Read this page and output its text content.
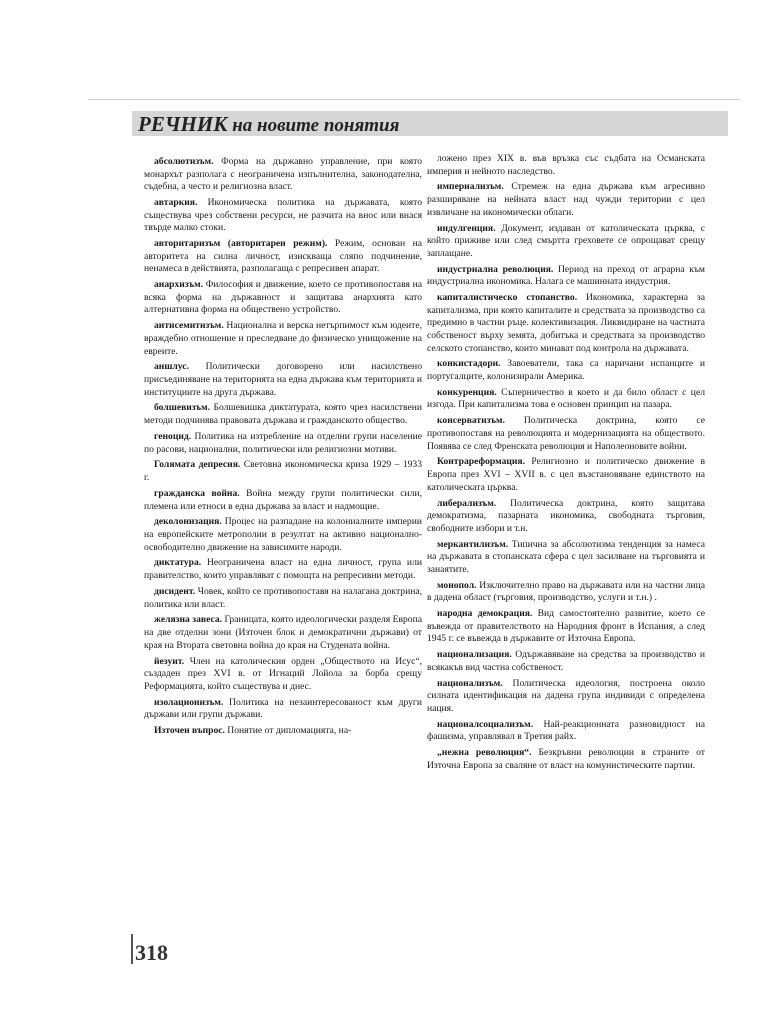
РЕЧНИК на новите понятия

абсолютизъм. Форма на държавно управление, при която монархът разполага с неограничена изпълнителна, законодателна, съдебна, а често и религиозна власт.

автаркия. Икономическа политика на държавата, която съществува чрез собствени ресурси, не разчита на внос или внася твърде малко стоки.

авторитаризъм (авторитарен режим). Режим, основан на авторитета на силна личност, изискваща сляпо подчинение, ненамеса в действията, разполагаща с репресивен апарат.

анархизъм. Философия и движение, което се противопоставя на всяка форма на държавност и защитава анархията като алтернативна форма на обществено устройство.

антисемитизъм. Национална и верска нетърпимост към юдеите, враждебно отношение и преследване до физическо унищожение на евреите.

аншлус. Политически договорено или насилствено присъединяване на територията на една държава към територията и институциите на друга държава.

болшевизъм. Болшевишка диктатурата, която чрез насилствени методи подчинява правовата държава и гражданското общество.

геноцид. Политика на изтребление на отделни групи население по расови, национални, политически или религиозни мотиви.

Голямата депресия. Световна икономическа криза 1929 – 1933 г.

гражданска война. Война между групи политически сили, племена или етноси в една държава за власт и надмощие.

деколонизация. Процес на разпадане на колониалните империи на европейските метрополии в резултат на активно национално-освободително движение на зависимите народи.

диктатура. Неограничена власт на една личност, група или правителство, които управляват с помощта на репресивни методи.

дисидент. Човек, който се противопоставя на налагана доктрина, политика или власт.

желязна завеса. Границата, която идеологически разделя Европа на две отделни зони (Източен блок и демократични държави) от края на Втората световна война до края на Студената война.

йезуит. Член на католическия орден „Обществото на Исус“, създаден през XVI в. от Игнаций Лойола за борба срещу Реформацията, който съществува и днес.

изолационизъм. Политика на незаинтересованост към други държави или групи държави.

Източен въпрос. Понятие от дипломацията, на-

ложено през XIX в. във връзка със съдбата на Османската империя и нейното наследство.

империализъм. Стремеж на една държава към агресивно разширяване на нейната власт над чужди територии с цел извличане на икономически облаги.

индулгенция. Документ, издаван от католическата църква, с който приживе или след смъртта греховете се опрощават срещу заплащане.

индустриална революция. Период на преход от аграрна към индустриална икономика. Налага се машинната индустрия.

капиталистическо стопанство. Икономика, характерна за капитализма, при която капиталите и средствата за производство са предимно в частни ръце. колективизация. Ликвидиране на частната собственост върху земята, добитъка и средствата за производство селското стопанство, които минават под контрола на държавата.

конкистадори. Завоеватели, така са наричани испанците и португалците, колонизирали Америка.

конкуренция. Съперничество в което и да било област с цел изгода. При капитализма това е основен принцип на пазара.

консерватизъм. Политическа доктрина, която се противопоставя на революцията и модернизацията на обществото. Появява се след Френската революция и Наполеоновите войни.

Контрареформация. Религиозно и политическо движение в Европа през XVI – XVII в. с цел възстановяване единството на католическата църква.

либерализъм. Политическа доктрина, която защитава демократизма, пазарната икономика, свободната търговия, свободните избори и т.н.

меркантилизъм. Типична за абсолютизма тенденция за намеса на държавата в стопанската сфера с цел засилване на търговията и занаятите.

монопол. Изключително право на държавата или на частни лица в дадена област (търговия, производство, услуги и т.н.) .

народна демокрация. Вид самостоятелно развитие, което се въвежда от правителството на Народния фронт в Испания, а след 1945 г. се въвежда в държавите от Източна Европа.

национализация. Одържавяване на средства за производство и всякакъв вид частна собственост.

национализъм. Политическа идеология, построена около силната идентификация на дадена група индивиди с определена нация.

националсоциализъм. Най-реакционната разновидност на фашизма, управлявал в Третия райх.

„нежна революция“. Безкръвни революции в страните от Източна Европа за сваляне от власт на комунистическите партии.

318
